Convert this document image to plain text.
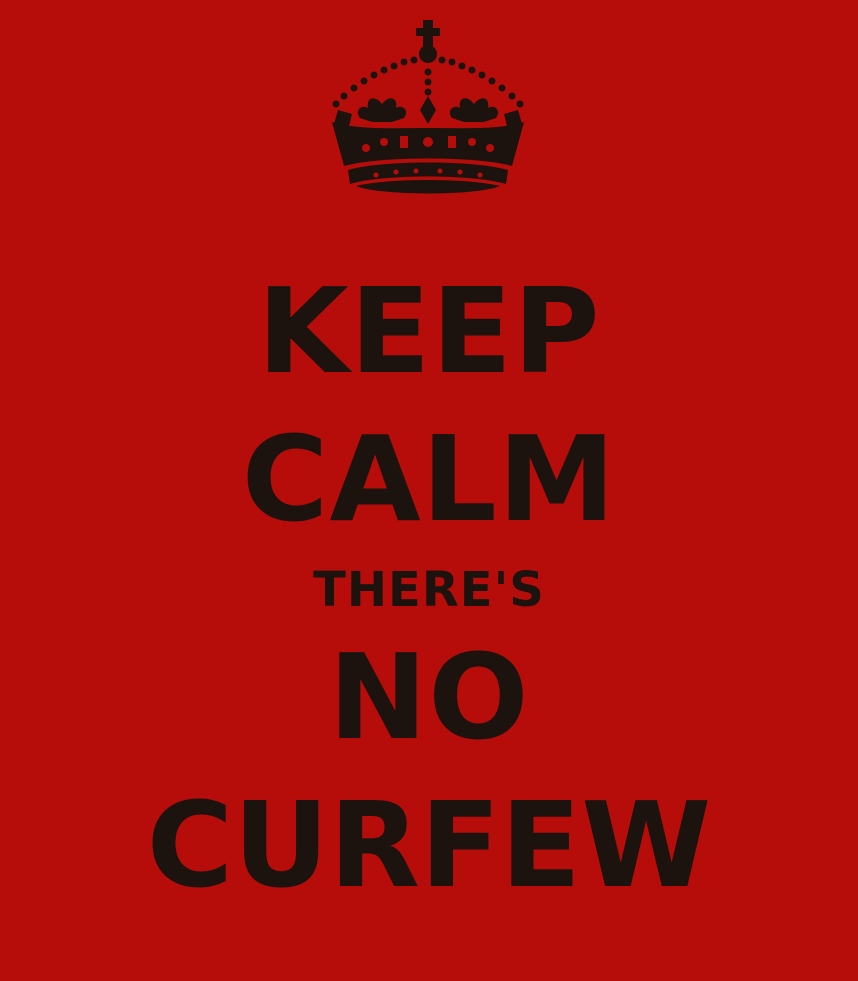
KEEP
CALM
THERE'S
NO
CURFEW
